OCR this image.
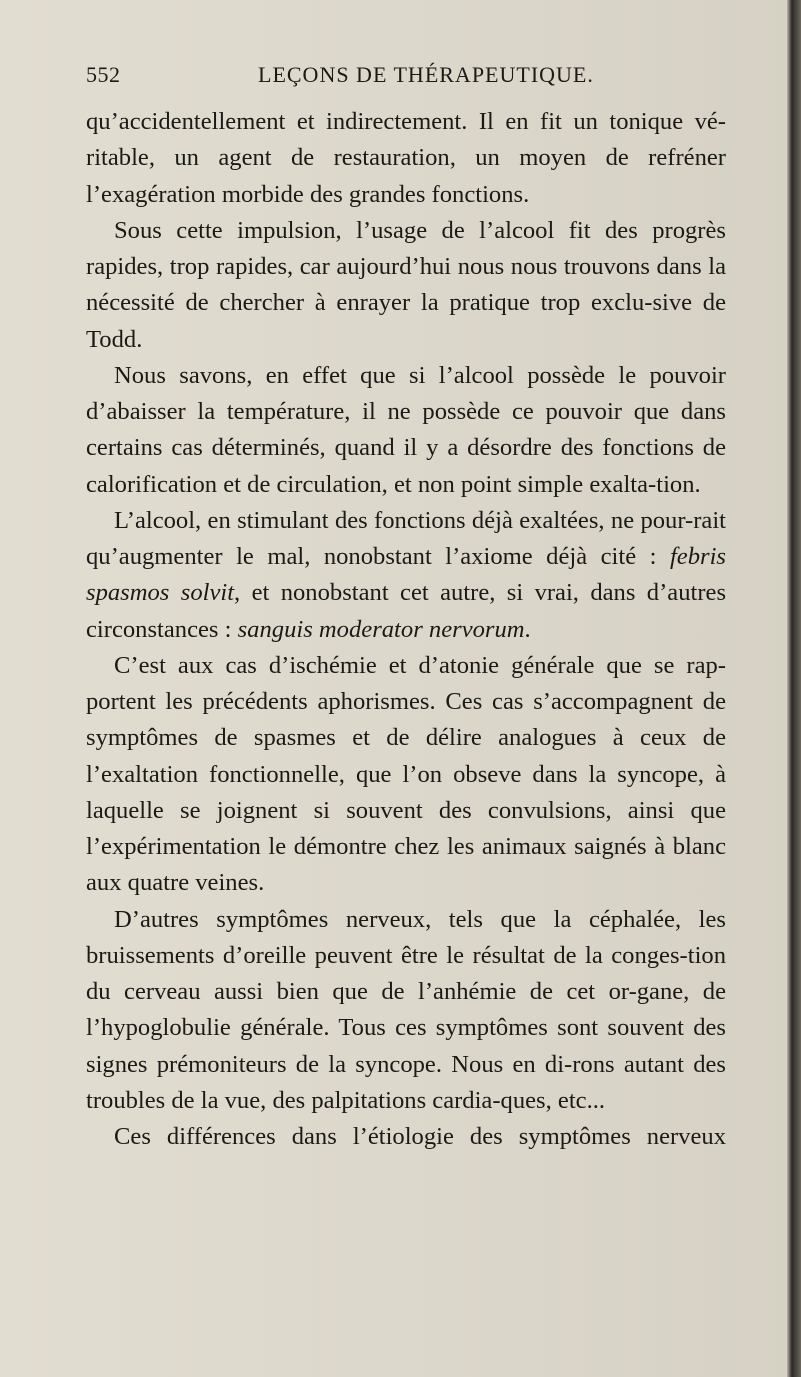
552	LEÇONS DE THÉRAPEUTIQUE.

qu’accidentellement et indirectement. Il en fit un tonique vé-ritable, un agent de restauration, un moyen de refréner l’exagération morbide des grandes fonctions.

Sous cette impulsion, l’usage de l’alcool fit des progrès rapides, trop rapides, car aujourd’hui nous nous trouvons dans la nécessité de chercher à enrayer la pratique trop exclu-sive de Todd.

Nous savons, en effet que si l’alcool possède le pouvoir d’abaisser la température, il ne possède ce pouvoir que dans certains cas déterminés, quand il y a désordre des fonctions de calorification et de circulation, et non point simple exalta-tion.

L’alcool, en stimulant des fonctions déjà exaltées, ne pour-rait qu’augmenter le mal, nonobstant l’axiome déjà cité : febris spasmos solvit, et nonobstant cet autre, si vrai, dans d’autres circonstances : sanguis moderator nervorum.

C’est aux cas d’ischémie et d’atonie générale que se rap-portent les précédents aphorismes. Ces cas s’accompagnent de symptômes de spasmes et de délire analogues à ceux de l’exaltation fonctionnelle, que l’on obseve dans la syncope, à laquelle se joignent si souvent des convulsions, ainsi que l’expérimentation le démontre chez les animaux saignés à blanc aux quatre veines.

D’autres symptômes nerveux, tels que la céphalée, les bruissements d’oreille peuvent être le résultat de la conges-tion du cerveau aussi bien que de l’anhémie de cet or-gane, de l’hypoglobulie générale. Tous ces symptômes sont souvent des signes prémoniteurs de la syncope. Nous en di-rons autant des troubles de la vue, des palpitations cardia-ques, etc...

Ces différences dans l’étiologie des symptômes nerveux
